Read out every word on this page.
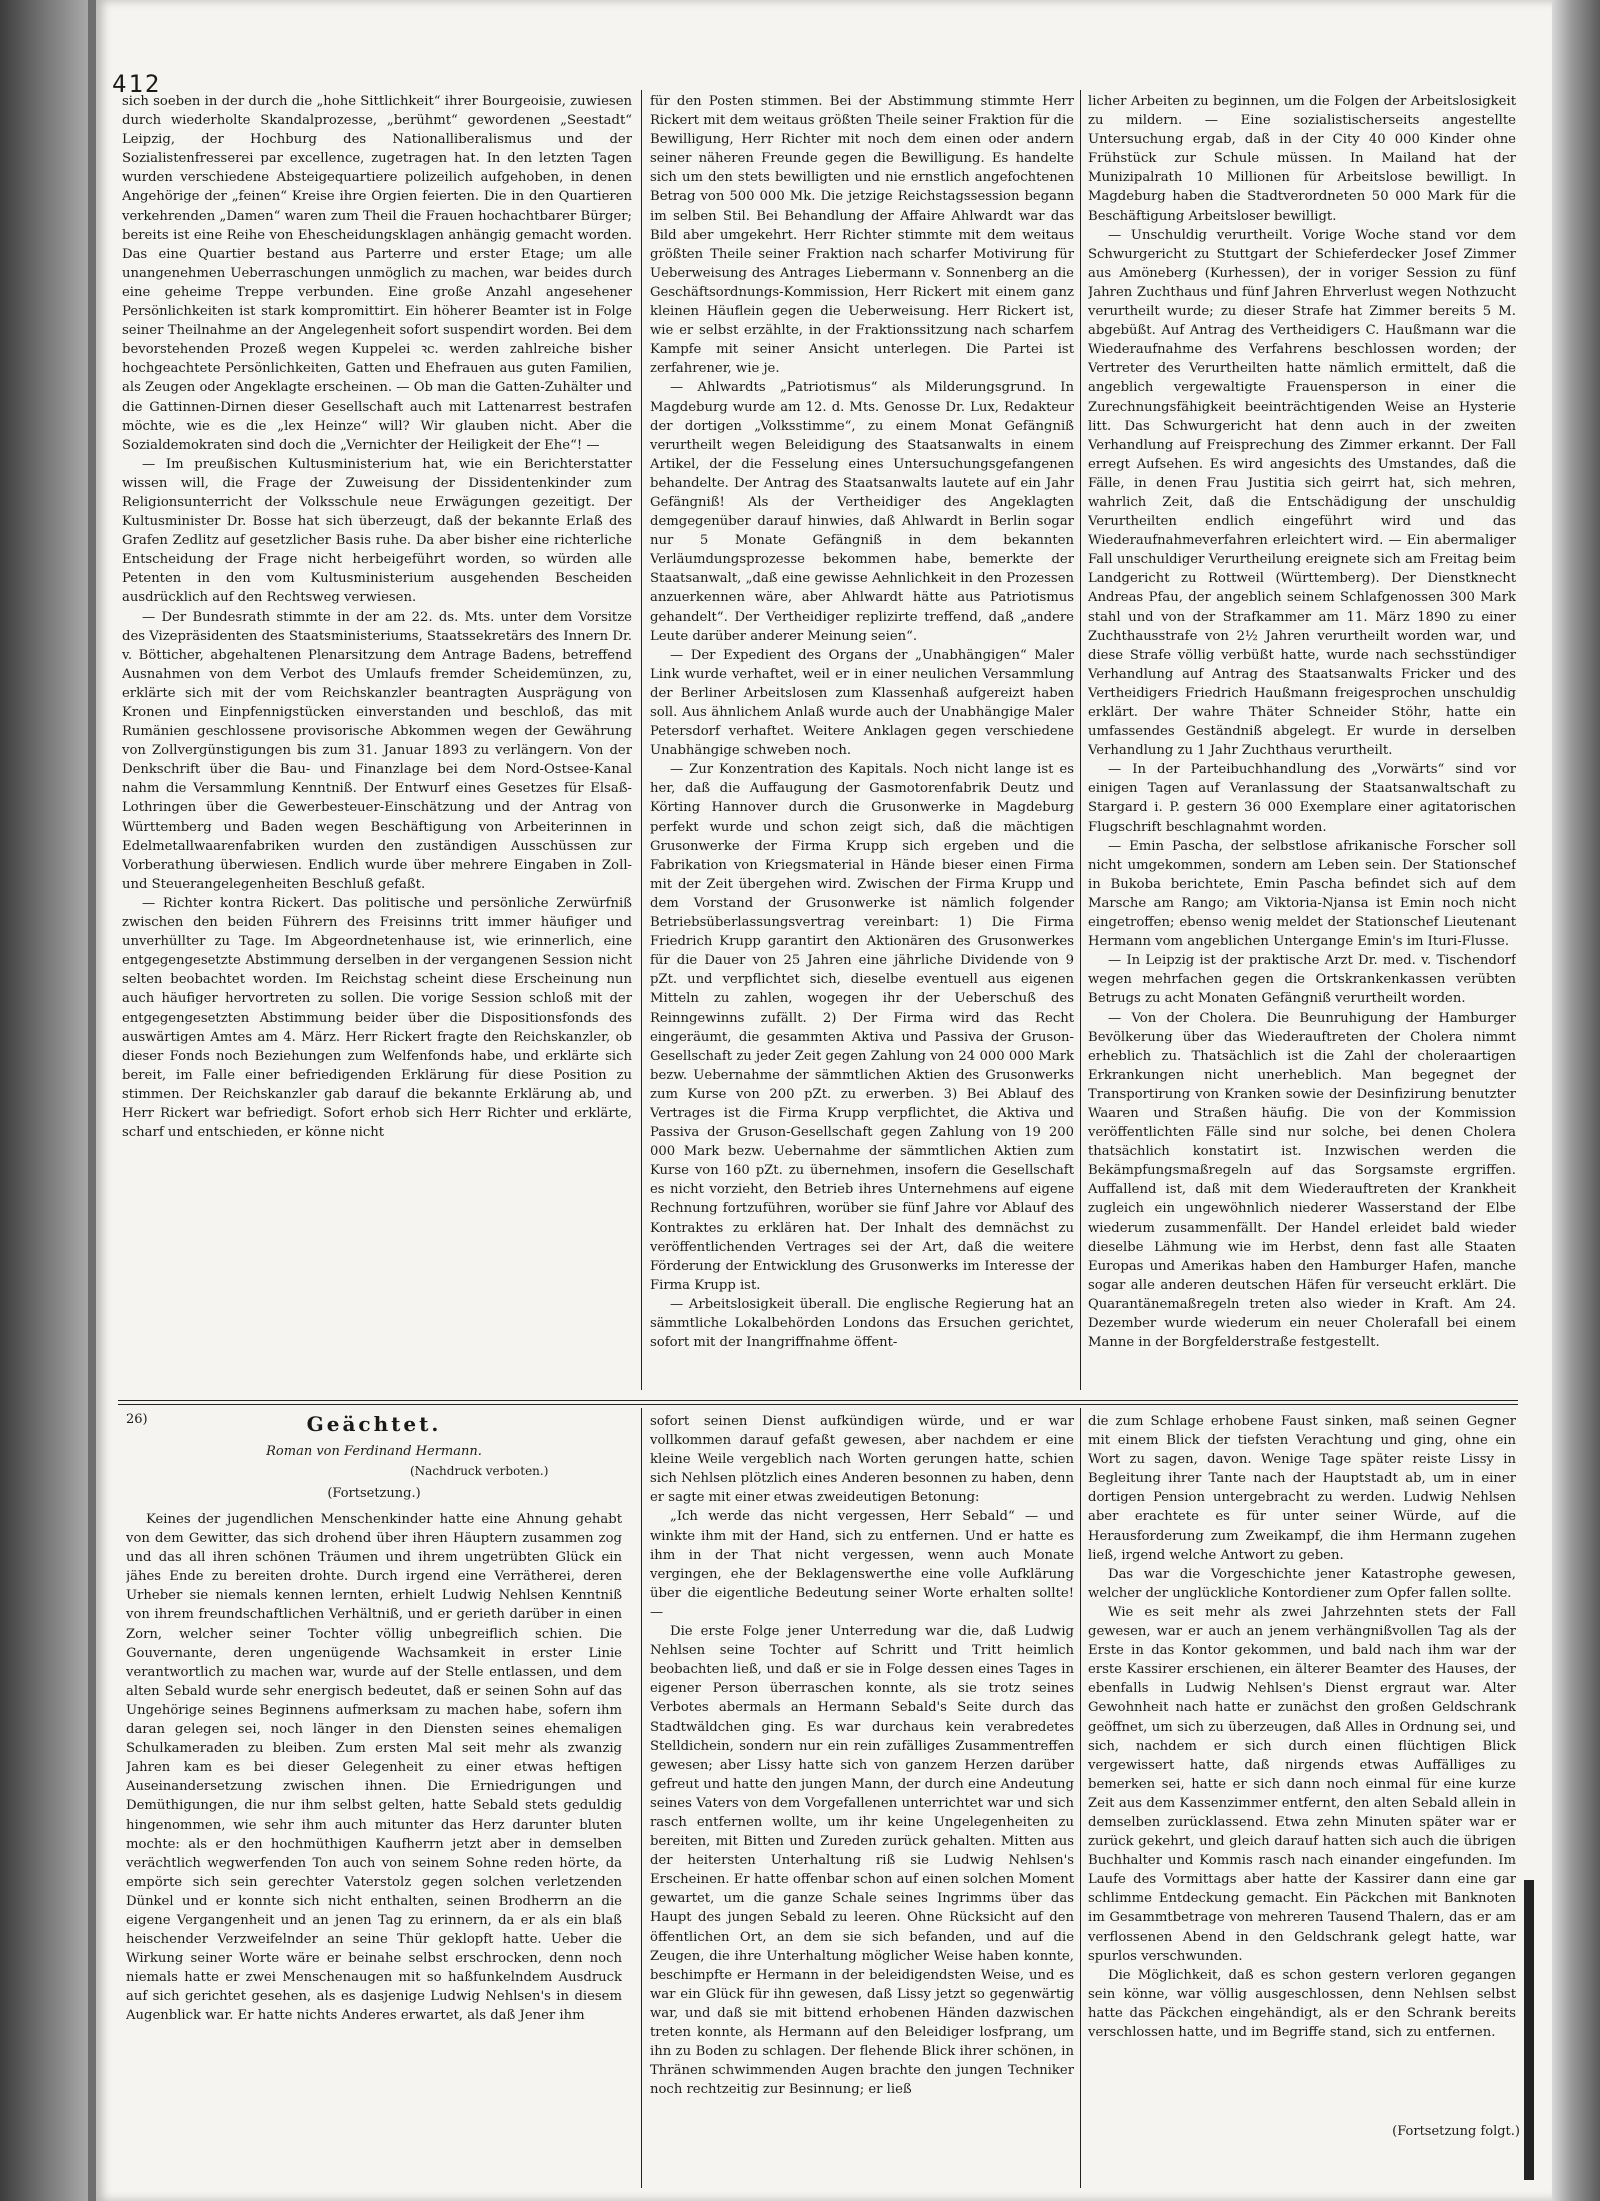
412

sich soeben in der durch die „hohe Sittlichkeit“ ihrer Bourgeoisie, zuwiesen durch wiederholte Skandalprozesse, „berühmt“ gewordenen „Seestadt“ Leipzig, der Hochburg des Nationalliberalismus und der Sozialistenfresserei par excellence, zugetragen hat. In den letzten Tagen wurden verschiedene Absteigequartiere polizeilich aufgehoben, in denen Angehörige der „feinen“ Kreise ihre Orgien feierten. Die in den Quartieren verkehrenden „Damen“ waren zum Theil die Frauen hochachtbarer Bürger; bereits ist eine Reihe von Ehescheidungsklagen anhängig gemacht worden. Das eine Quartier bestand aus Parterre und erster Etage; um alle unangenehmen Ueberraschungen unmöglich zu machen, war beides durch eine geheime Treppe verbunden. Eine große Anzahl angesehener Persönlichkeiten ist stark kompromittirt. Ein höherer Beamter ist in Folge seiner Theilnahme an der Angelegenheit sofort suspendirt worden. Bei dem bevorstehenden Prozeß wegen Kuppelei ꝛc. werden zahlreiche bisher hochgeachtete Persönlichkeiten, Gatten und Ehefrauen aus guten Familien, als Zeugen oder Angeklagte erscheinen. — Ob man die Gatten-Zuhälter und die Gattinnen-Dirnen dieser Gesellschaft auch mit Lattenarrest bestrafen möchte, wie es die „lex Heinze“ will? Wir glauben nicht. Aber die Sozialdemokraten sind doch die „Vernichter der Heiligkeit der Ehe“! —

— Im preußischen Kultusministerium hat, wie ein Berichterstatter wissen will, die Frage der Zuweisung der Dissidentenkinder zum Religionsunterricht der Volksschule neue Erwägungen gezeitigt. Der Kultusminister Dr. Bosse hat sich überzeugt, daß der bekannte Erlaß des Grafen Zedlitz auf gesetzlicher Basis ruhe. Da aber bisher eine richterliche Entscheidung der Frage nicht herbeigeführt worden, so würden alle Petenten in den vom Kultusministerium ausgehenden Bescheiden ausdrücklich auf den Rechtsweg verwiesen.

— Der Bundesrath stimmte in der am 22. ds. Mts. unter dem Vorsitze des Vizepräsidenten des Staatsministeriums, Staatssekretärs des Innern Dr. v. Bötticher, abgehaltenen Plenarsitzung dem Antrage Badens, betreffend Ausnahmen von dem Verbot des Umlaufs fremder Scheidemünzen, zu, erklärte sich mit der vom Reichskanzler beantragten Ausprägung von Kronen und Einpfennigstücken einverstanden und beschloß, das mit Rumänien geschlossene provisorische Abkommen wegen der Gewährung von Zollvergünstigungen bis zum 31. Januar 1893 zu verlängern. Von der Denkschrift über die Bau- und Finanzlage bei dem Nord-Ostsee-Kanal nahm die Versammlung Kenntniß. Der Entwurf eines Gesetzes für Elsaß-Lothringen über die Gewerbesteuer-Einschätzung und der Antrag von Württemberg und Baden wegen Beschäftigung von Arbeiterinnen in Edelmetallwaarenfabriken wurden den zuständigen Ausschüssen zur Vorberathung überwiesen. Endlich wurde über mehrere Eingaben in Zoll- und Steuerangelegenheiten Beschluß gefaßt.

— Richter kontra Rickert. Das politische und persönliche Zerwürfniß zwischen den beiden Führern des Freisinns tritt immer häufiger und unverhüllter zu Tage. Im Abgeordnetenhause ist, wie erinnerlich, eine entgegengesetzte Abstimmung derselben in der vergangenen Session nicht selten beobachtet worden. Im Reichstag scheint diese Erscheinung nun auch häufiger hervortreten zu sollen. Die vorige Session schloß mit der entgegengesetzten Abstimmung beider über die Dispositionsfonds des auswärtigen Amtes am 4. März. Herr Rickert fragte den Reichskanzler, ob dieser Fonds noch Beziehungen zum Welfenfonds habe, und erklärte sich bereit, im Falle einer befriedigenden Erklärung für diese Position zu stimmen. Der Reichskanzler gab darauf die bekannte Erklärung ab, und Herr Rickert war befriedigt. Sofort erhob sich Herr Richter und erklärte, scharf und entschieden, er könne nicht

für den Posten stimmen. Bei der Abstimmung stimmte Herr Rickert mit dem weitaus größten Theile seiner Fraktion für die Bewilligung, Herr Richter mit noch dem einen oder andern seiner näheren Freunde gegen die Bewilligung. Es handelte sich um den stets bewilligten und nie ernstlich angefochtenen Betrag von 500 000 Mk. Die jetzige Reichstagssession begann im selben Stil. Bei Behandlung der Affaire Ahlwardt war das Bild aber umgekehrt. Herr Richter stimmte mit dem weitaus größten Theile seiner Fraktion nach scharfer Motivirung für Ueberweisung des Antrages Liebermann v. Sonnenberg an die Geschäftsordnungs-Kommission, Herr Rickert mit einem ganz kleinen Häuflein gegen die Ueberweisung. Herr Rickert ist, wie er selbst erzählte, in der Fraktionssitzung nach scharfem Kampfe mit seiner Ansicht unterlegen. Die Partei ist zerfahrener, wie je.

— Ahlwardts „Patriotismus“ als Milderungsgrund. In Magdeburg wurde am 12. d. Mts. Genosse Dr. Lux, Redakteur der dortigen „Volksstimme“, zu einem Monat Gefängniß verurtheilt wegen Beleidigung des Staatsanwalts in einem Artikel, der die Fesselung eines Untersuchungsgefangenen behandelte. Der Antrag des Staatsanwalts lautete auf ein Jahr Gefängniß! Als der Vertheidiger des Angeklagten demgegenüber darauf hinwies, daß Ahlwardt in Berlin sogar nur 5 Monate Gefängniß in dem bekannten Verläumdungsprozesse bekommen habe, bemerkte der Staatsanwalt, „daß eine gewisse Aehnlichkeit in den Prozessen anzuerkennen wäre, aber Ahlwardt hätte aus Patriotismus gehandelt“. Der Vertheidiger replizirte treffend, daß „andere Leute darüber anderer Meinung seien“.

— Der Expedient des Organs der „Unabhängigen“ Maler Link wurde verhaftet, weil er in einer neulichen Versammlung der Berliner Arbeitslosen zum Klassenhaß aufgereizt haben soll. Aus ähnlichem Anlaß wurde auch der Unabhängige Maler Petersdorf verhaftet. Weitere Anklagen gegen verschiedene Unabhängige schweben noch.

— Zur Konzentration des Kapitals. Noch nicht lange ist es her, daß die Auffaugung der Gasmotorenfabrik Deutz und Körting Hannover durch die Grusonwerke in Magdeburg perfekt wurde und schon zeigt sich, daß die mächtigen Grusonwerke der Firma Krupp sich ergeben und die Fabrikation von Kriegsmaterial in Hände bieser einen Firma mit der Zeit übergehen wird. Zwischen der Firma Krupp und dem Vorstand der Grusonwerke ist nämlich folgender Betriebsüberlassungsvertrag vereinbart: 1) Die Firma Friedrich Krupp garantirt den Aktionären des Grusonwerkes für die Dauer von 25 Jahren eine jährliche Dividende von 9 pZt. und verpflichtet sich, dieselbe eventuell aus eigenen Mitteln zu zahlen, wogegen ihr der Ueberschuß des Reinngewinns zufällt. 2) Der Firma wird das Recht eingeräumt, die gesammten Aktiva und Passiva der Gruson-Gesellschaft zu jeder Zeit gegen Zahlung von 24 000 000 Mark bezw. Uebernahme der sämmtlichen Aktien des Grusonwerks zum Kurse von 200 pZt. zu erwerben. 3) Bei Ablauf des Vertrages ist die Firma Krupp verpflichtet, die Aktiva und Passiva der Gruson-Gesellschaft gegen Zahlung von 19 200 000 Mark bezw. Uebernahme der sämmtlichen Aktien zum Kurse von 160 pZt. zu übernehmen, insofern die Gesellschaft es nicht vorzieht, den Betrieb ihres Unternehmens auf eigene Rechnung fortzuführen, worüber sie fünf Jahre vor Ablauf des Kontraktes zu erklären hat. Der Inhalt des demnächst zu veröffentlichenden Vertrages sei der Art, daß die weitere Förderung der Entwicklung des Grusonwerks im Interesse der Firma Krupp ist.

— Arbeitslosigkeit überall. Die englische Regierung hat an sämmtliche Lokalbehörden Londons das Ersuchen gerichtet, sofort mit der Inangriffnahme öffent-

licher Arbeiten zu beginnen, um die Folgen der Arbeitslosigkeit zu mildern. — Eine sozialistischerseits angestellte Untersuchung ergab, daß in der City 40 000 Kinder ohne Frühstück zur Schule müssen. In Mailand hat der Munizipalrath 10 Millionen für Arbeitslose bewilligt. In Magdeburg haben die Stadtverordneten 50 000 Mark für die Beschäftigung Arbeitsloser bewilligt.

— Unschuldig verurtheilt. Vorige Woche stand vor dem Schwurgericht zu Stuttgart der Schieferdecker Josef Zimmer aus Amöneberg (Kurhessen), der in voriger Session zu fünf Jahren Zuchthaus und fünf Jahren Ehrverlust wegen Nothzucht verurtheilt wurde; zu dieser Strafe hat Zimmer bereits 5 M. abgebüßt. Auf Antrag des Vertheidigers C. Haußmann war die Wiederaufnahme des Verfahrens beschlossen worden; der Vertreter des Verurtheilten hatte nämlich ermittelt, daß die angeblich vergewaltigte Frauensperson in einer die Zurechnungsfähigkeit beeinträchtigenden Weise an Hysterie litt. Das Schwurgericht hat denn auch in der zweiten Verhandlung auf Freisprechung des Zimmer erkannt. Der Fall erregt Aufsehen. Es wird angesichts des Umstandes, daß die Fälle, in denen Frau Justitia sich geirrt hat, sich mehren, wahrlich Zeit, daß die Entschädigung der unschuldig Verurtheilten endlich eingeführt wird und das Wiederaufnahmeverfahren erleichtert wird. — Ein abermaliger Fall unschuldiger Verurtheilung ereignete sich am Freitag beim Landgericht zu Rottweil (Württemberg). Der Dienstknecht Andreas Pfau, der angeblich seinem Schlafgenossen 300 Mark stahl und von der Strafkammer am 11. März 1890 zu einer Zuchthausstrafe von 2½ Jahren verurtheilt worden war, und diese Strafe völlig verbüßt hatte, wurde nach sechsstündiger Verhandlung auf Antrag des Staatsanwalts Fricker und des Vertheidigers Friedrich Haußmann freigesprochen unschuldig erklärt. Der wahre Thäter Schneider Stöhr, hatte ein umfassendes Geständniß abgelegt. Er wurde in derselben Verhandlung zu 1 Jahr Zuchthaus verurtheilt.

— In der Parteibuchhandlung des „Vorwärts“ sind vor einigen Tagen auf Veranlassung der Staatsanwaltschaft zu Stargard i. P. gestern 36 000 Exemplare einer agitatorischen Flugschrift beschlagnahmt worden.

— Emin Pascha, der selbstlose afrikanische Forscher soll nicht umgekommen, sondern am Leben sein. Der Stationschef in Bukoba berichtete, Emin Pascha befindet sich auf dem Marsche am Rango; am Viktoria-Njansa ist Emin noch nicht eingetroffen; ebenso wenig meldet der Stationschef Lieutenant Hermann vom angeblichen Untergange Emin's im Ituri-Flusse.

— In Leipzig ist der praktische Arzt Dr. med. v. Tischendorf wegen mehrfachen gegen die Ortskrankenkassen verübten Betrugs zu acht Monaten Gefängniß verurtheilt worden.

— Von der Cholera. Die Beunruhigung der Hamburger Bevölkerung über das Wiederauftreten der Cholera nimmt erheblich zu. Thatsächlich ist die Zahl der choleraartigen Erkrankungen nicht unerheblich. Man begegnet der Transportirung von Kranken sowie der Desinfizirung benutzter Waaren und Straßen häufig. Die von der Kommission veröffentlichten Fälle sind nur solche, bei denen Cholera thatsächlich konstatirt ist. Inzwischen werden die Bekämpfungsmaßregeln auf das Sorgsamste ergriffen. Auffallend ist, daß mit dem Wiederauftreten der Krankheit zugleich ein ungewöhnlich niederer Wasserstand der Elbe wiederum zusammenfällt. Der Handel erleidet bald wieder dieselbe Lähmung wie im Herbst, denn fast alle Staaten Europas und Amerikas haben den Hamburger Hafen, manche sogar alle anderen deutschen Häfen für verseucht erklärt. Die Quarantänemaßregeln treten also wieder in Kraft. Am 24. Dezember wurde wiederum ein neuer Cholerafall bei einem Manne in der Borgfelderstraße festgestellt.

26)	Geächtet.
Roman von Ferdinand Hermann.
(Nachdruck verboten.)
(Fortsetzung.)

Keines der jugendlichen Menschenkinder hatte eine Ahnung gehabt von dem Gewitter, das sich drohend über ihren Häuptern zusammen zog und das all ihren schönen Träumen und ihrem ungetrübten Glück ein jähes Ende zu bereiten drohte. Durch irgend eine Verrätherei, deren Urheber sie niemals kennen lernten, erhielt Ludwig Nehlsen Kenntniß von ihrem freundschaftlichen Verhältniß, und er gerieth darüber in einen Zorn, welcher seiner Tochter völlig unbegreiflich schien. Die Gouvernante, deren ungenügende Wachsamkeit in erster Linie verantwortlich zu machen war, wurde auf der Stelle entlassen, und dem alten Sebald wurde sehr energisch bedeutet, daß er seinen Sohn auf das Ungehörige seines Beginnens aufmerksam zu machen habe, sofern ihm daran gelegen sei, noch länger in den Diensten seines ehemaligen Schulkameraden zu bleiben. Zum ersten Mal seit mehr als zwanzig Jahren kam es bei dieser Gelegenheit zu einer etwas heftigen Auseinandersetzung zwischen ihnen. Die Erniedrigungen und Demüthigungen, die nur ihm selbst gelten, hatte Sebald stets geduldig hingenommen, wie sehr ihm auch mitunter das Herz darunter bluten mochte: als er den hochmüthigen Kaufherrn jetzt aber in demselben verächtlich wegwerfenden Ton auch von seinem Sohne reden hörte, da empörte sich sein gerechter Vaterstolz gegen solchen verletzenden Dünkel und er konnte sich nicht enthalten, seinen Brodherrn an die eigene Vergangenheit und an jenen Tag zu erinnern, da er als ein blaß heischender Verzweifelnder an seine Thür geklopft hatte. Ueber die Wirkung seiner Worte wäre er beinahe selbst erschrocken, denn noch niemals hatte er zwei Menschenaugen mit so haßfunkelndem Ausdruck auf sich gerichtet gesehen, als es dasjenige Ludwig Nehlsen's in diesem Augenblick war. Er hatte nichts Anderes erwartet, als daß Jener ihm

sofort seinen Dienst aufkündigen würde, und er war vollkommen darauf gefaßt gewesen, aber nachdem er eine kleine Weile vergeblich nach Worten gerungen hatte, schien sich Nehlsen plötzlich eines Anderen besonnen zu haben, denn er sagte mit einer etwas zweideutigen Betonung:

„Ich werde das nicht vergessen, Herr Sebald“ — und winkte ihm mit der Hand, sich zu entfernen. Und er hatte es ihm in der That nicht vergessen, wenn auch Monate vergingen, ehe der Beklagenswerthe eine volle Aufklärung über die eigentliche Bedeutung seiner Worte erhalten sollte! —

Die erste Folge jener Unterredung war die, daß Ludwig Nehlsen seine Tochter auf Schritt und Tritt heimlich beobachten ließ, und daß er sie in Folge dessen eines Tages in eigener Person überraschen konnte, als sie trotz seines Verbotes abermals an Hermann Sebald's Seite durch das Stadtwäldchen ging. Es war durchaus kein verabredetes Stelldichein, sondern nur ein rein zufälliges Zusammentreffen gewesen; aber Lissy hatte sich von ganzem Herzen darüber gefreut und hatte den jungen Mann, der durch eine Andeutung seines Vaters von dem Vorgefallenen unterrichtet war und sich rasch entfernen wollte, um ihr keine Ungelegenheiten zu bereiten, mit Bitten und Zureden zurück gehalten. Mitten aus der heitersten Unterhaltung riß sie Ludwig Nehlsen's Erscheinen. Er hatte offenbar schon auf einen solchen Moment gewartet, um die ganze Schale seines Ingrimms über das Haupt des jungen Sebald zu leeren. Ohne Rücksicht auf den öffentlichen Ort, an dem sie sich befanden, und auf die Zeugen, die ihre Unterhaltung möglicher Weise haben konnte, beschimpfte er Hermann in der beleidigendsten Weise, und es war ein Glück für ihn gewesen, daß Lissy jetzt so gegenwärtig war, und daß sie mit bittend erhobenen Händen dazwischen treten konnte, als Hermann auf den Beleidiger losfprang, um ihn zu Boden zu schlagen. Der flehende Blick ihrer schönen, in Thränen schwimmenden Augen brachte den jungen Techniker noch rechtzeitig zur Besinnung; er ließ

die zum Schlage erhobene Faust sinken, maß seinen Gegner mit einem Blick der tiefsten Verachtung und ging, ohne ein Wort zu sagen, davon. Wenige Tage später reiste Lissy in Begleitung ihrer Tante nach der Hauptstadt ab, um in einer dortigen Pension untergebracht zu werden. Ludwig Nehlsen aber erachtete es für unter seiner Würde, auf die Herausforderung zum Zweikampf, die ihm Hermann zugehen ließ, irgend welche Antwort zu geben.

Das war die Vorgeschichte jener Katastrophe gewesen, welcher der unglückliche Kontordiener zum Opfer fallen sollte.

Wie es seit mehr als zwei Jahrzehnten stets der Fall gewesen, war er auch an jenem verhängnißvollen Tag als der Erste in das Kontor gekommen, und bald nach ihm war der erste Kassirer erschienen, ein älterer Beamter des Hauses, der ebenfalls in Ludwig Nehlsen's Dienst ergraut war. Alter Gewohnheit nach hatte er zunächst den großen Geldschrank geöffnet, um sich zu überzeugen, daß Alles in Ordnung sei, und sich, nachdem er sich durch einen flüchtigen Blick vergewissert hatte, daß nirgends etwas Auffälliges zu bemerken sei, hatte er sich dann noch einmal für eine kurze Zeit aus dem Kassenzimmer entfernt, den alten Sebald allein in demselben zurücklassend. Etwa zehn Minuten später war er zurück gekehrt, und gleich darauf hatten sich auch die übrigen Buchhalter und Kommis rasch nach einander eingefunden. Im Laufe des Vormittags aber hatte der Kassirer dann eine gar schlimme Entdeckung gemacht. Ein Päckchen mit Banknoten im Gesammtbetrage von mehreren Tausend Thalern, das er am verflossenen Abend in den Geldschrank gelegt hatte, war spurlos verschwunden.

Die Möglichkeit, daß es schon gestern verloren gegangen sein könne, war völlig ausgeschlossen, denn Nehlsen selbst hatte das Päckchen eingehändigt, als er den Schrank bereits verschlossen hatte, und im Begriffe stand, sich zu entfernen.

(Fortsetzung folgt.)
